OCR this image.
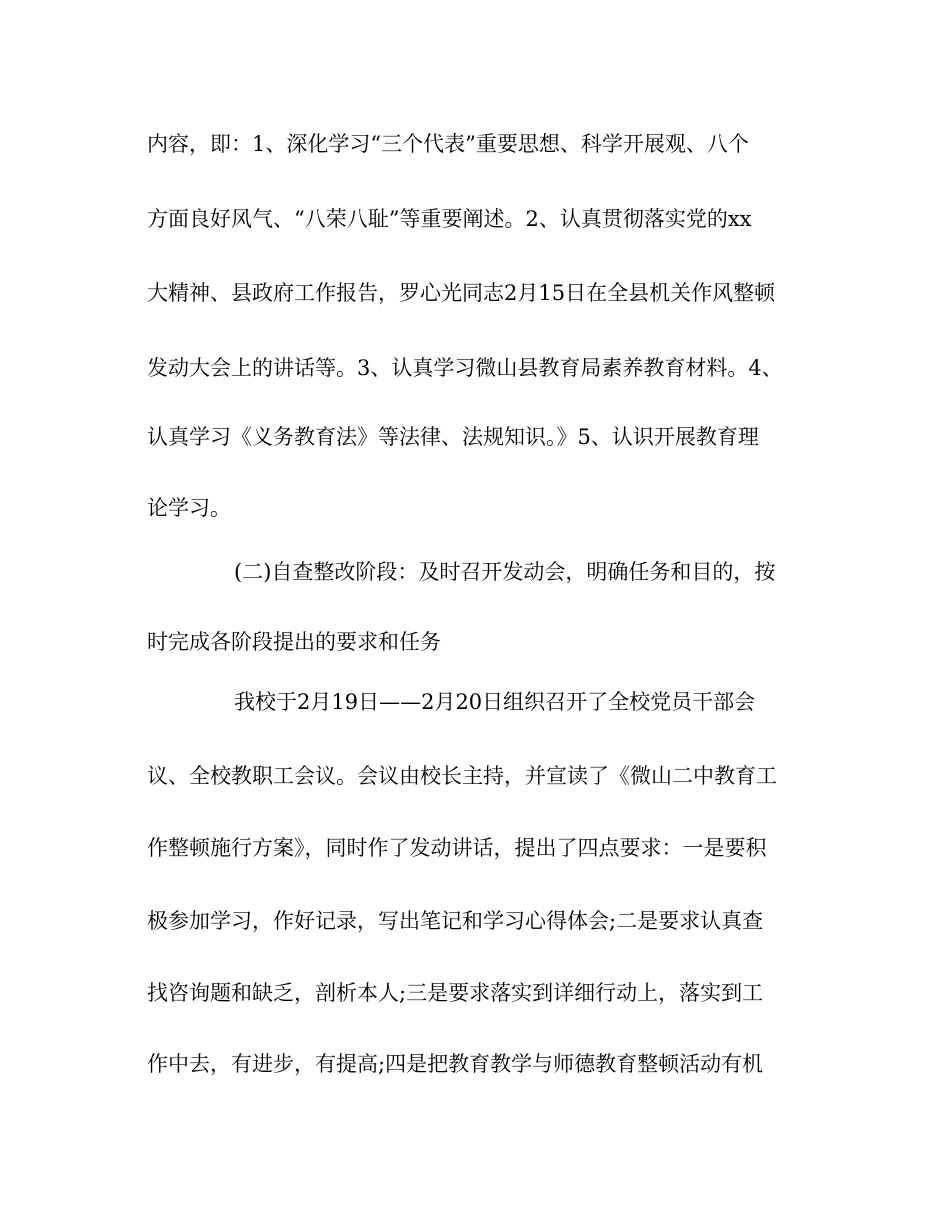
内容，即：1、深化学习“三个代表”重要思想、科学开展观、八个
方面良好风气、“八荣八耻”等重要阐述。2、认真贯彻落实党的xx
大精神、县政府工作报告，罗心光同志2月15日在全县机关作风整顿
发动大会上的讲话等。3、认真学习微山县教育局素养教育材料。4、
认真学习《义务教育法》等法律、法规知识。》5、认识开展教育理
论学习。
(二)自查整改阶段：及时召开发动会，明确任务和目的，按
时完成各阶段提出的要求和任务
我校于2月19日——2月20日组织召开了全校党员干部会
议、全校教职工会议。会议由校长主持，并宣读了《微山二中教育工
作整顿施行方案》，同时作了发动讲话，提出了四点要求：一是要积
极参加学习，作好记录，写出笔记和学习心得体会;二是要求认真查
找咨询题和缺乏，剖析本人;三是要求落实到详细行动上，落实到工
作中去，有进步，有提高;四是把教育教学与师德教育整顿活动有机
